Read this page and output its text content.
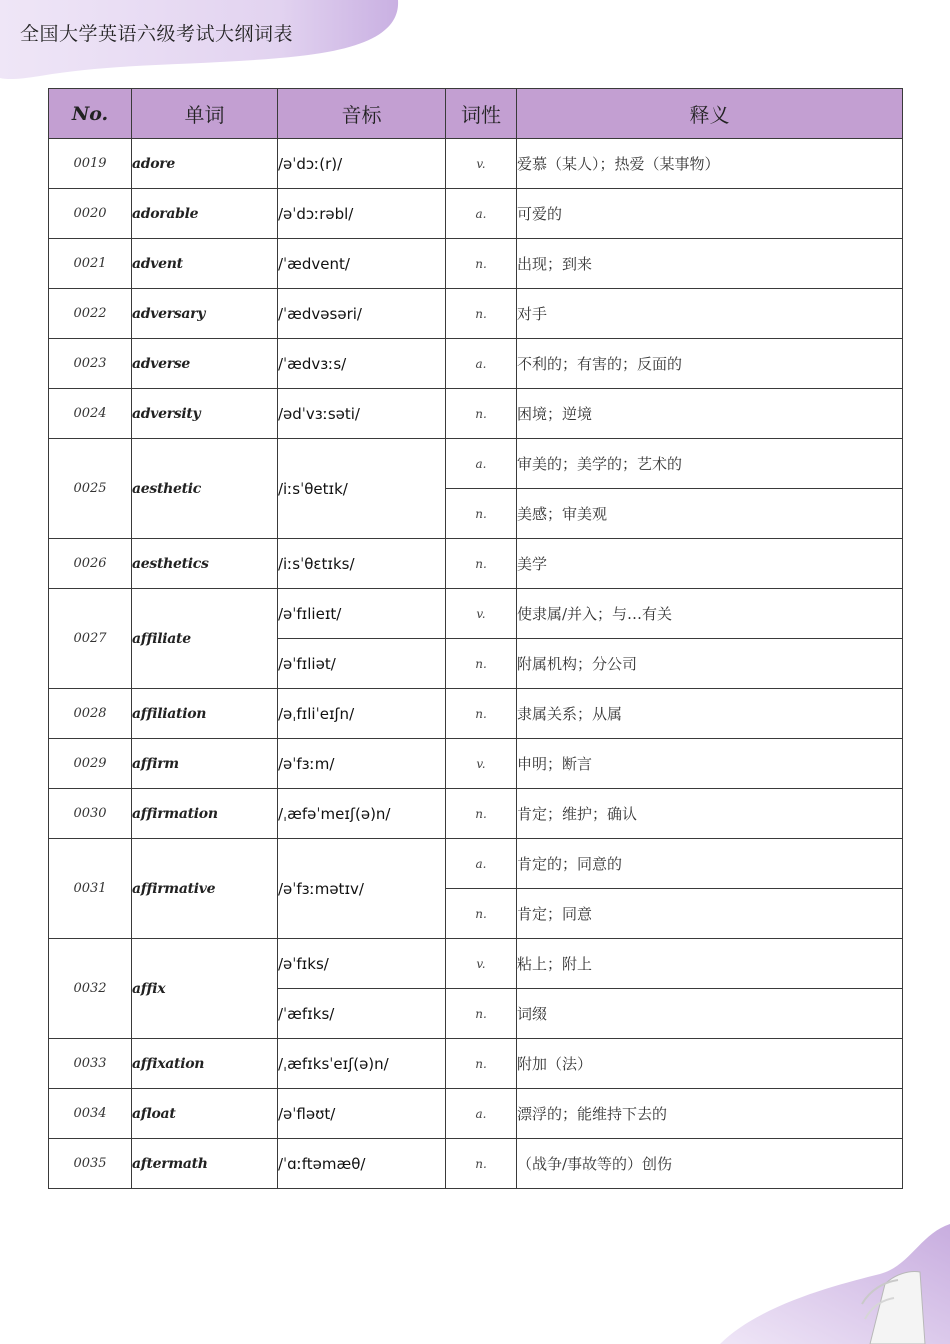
全国大学英语六级考试大纲词表
No.	单词	音标	词性	释义
0019	adore	/əˈdɔː(r)/	v.	爱慕（某人）；热爱（某事物）
0020	adorable	/əˈdɔːrəbl/	a.	可爱的
0021	advent	/ˈædvent/	n.	出现；到来
0022	adversary	/ˈædvəsəri/	n.	对手
0023	adverse	/ˈædvɜːs/	a.	不利的；有害的；反面的
0024	adversity	/ədˈvɜːsəti/	n.	困境；逆境
0025	aesthetic	/iːsˈθetɪk/	a.	审美的；美学的；艺术的
			n.	美感；审美观
0026	aesthetics	/iːsˈθɛtɪks/	n.	美学
0027	affiliate	/əˈfɪlieɪt/	v.	使隶属/并入；与…有关
		/əˈfɪliət/	n.	附属机构；分公司
0028	affiliation	/əˌfɪliˈeɪʃn/	n.	隶属关系；从属
0029	affirm	/əˈfɜːm/	v.	申明；断言
0030	affirmation	/ˌæfəˈmeɪʃ(ə)n/	n.	肯定；维护；确认
0031	affirmative	/əˈfɜːmətɪv/	a.	肯定的；同意的
			n.	肯定；同意
0032	affix	/əˈfɪks/	v.	粘上；附上
		/ˈæfɪks/	n.	词缀
0033	affixation	/ˌæfɪksˈeɪʃ(ə)n/	n.	附加（法）
0034	afloat	/əˈfləʊt/	a.	漂浮的；能维持下去的
0035	aftermath	/ˈɑːftəmæθ/	n.	（战争/事故等的）创伤
